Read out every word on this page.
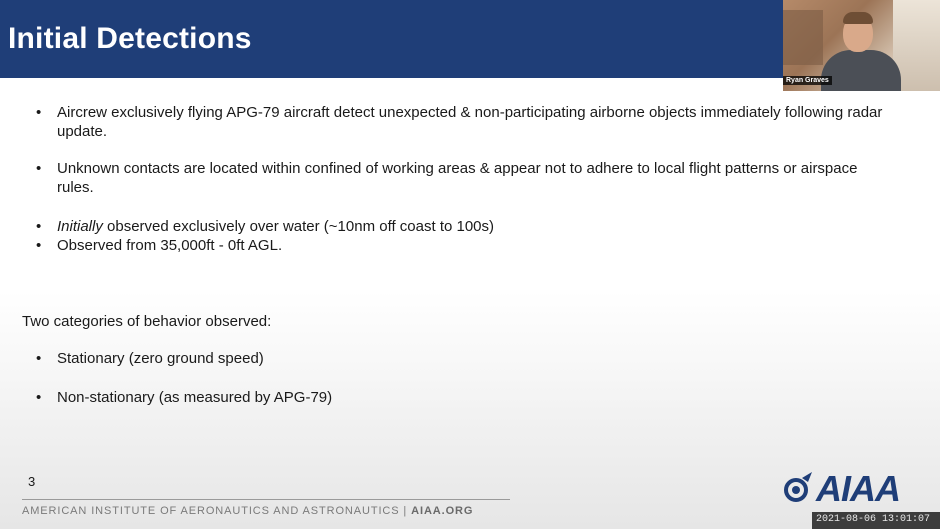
Initial Detections
Ryan Graves
• Aircrew exclusively flying APG-79 aircraft detect unexpected & non-participating airborne objects immediately following radar update.
• Unknown contacts are located within confined of working areas & appear not to adhere to local flight patterns or airspace rules.
• Initially observed exclusively over water (~10nm off coast to 100s)
• Observed from 35,000ft - 0ft AGL.
Two categories of behavior observed:
• Stationary (zero ground speed)
• Non-stationary (as measured by APG-79)
3
AMERICAN INSTITUTE OF AERONAUTICS AND ASTRONAUTICS | AIAA.ORG
AIAA
2021-08-06 13:01:07
